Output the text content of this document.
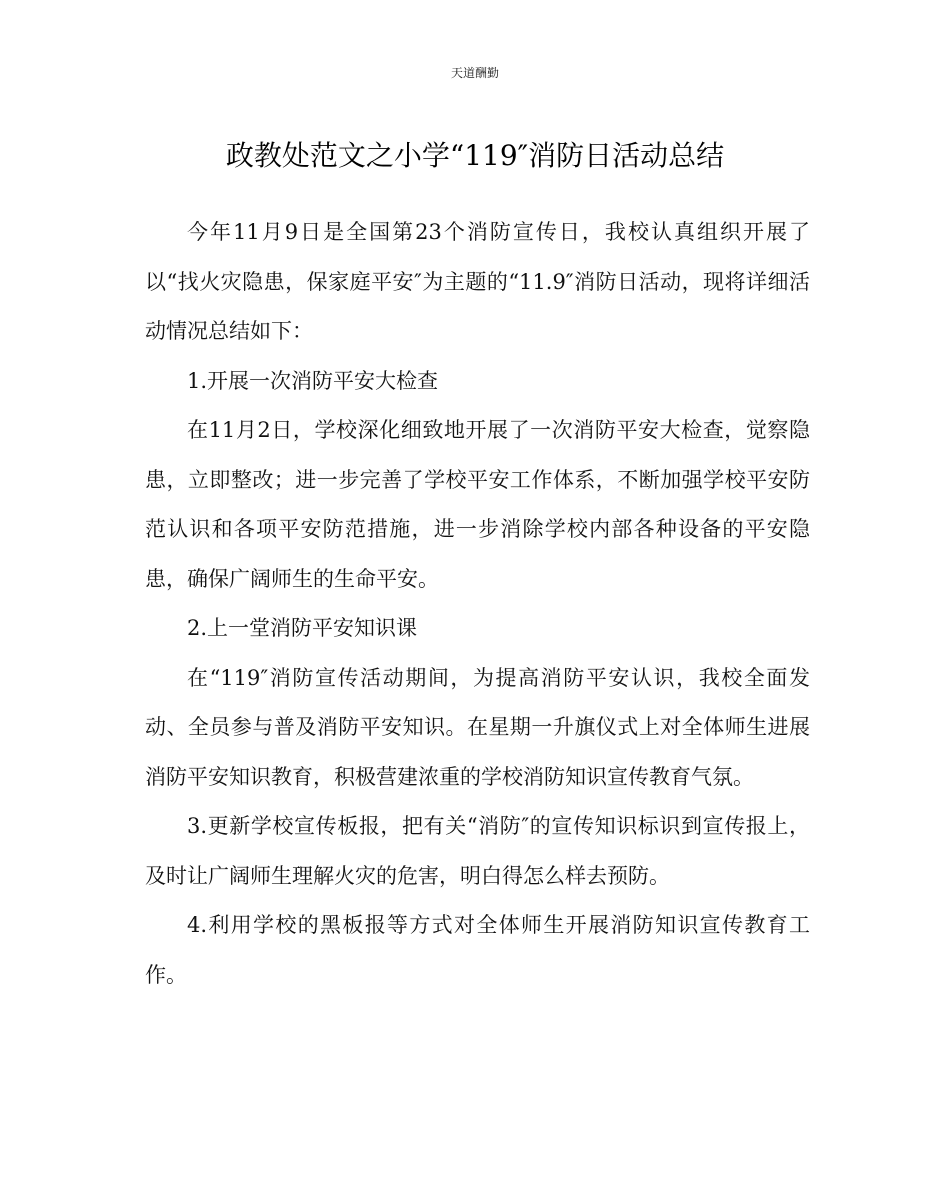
天道酬勤
政教处范文之小学“119″消防日活动总结

今年11月9日是全国第23个消防宣传日，我校认真组织开展了以“找火灾隐患，保家庭平安″为主题的“11.9″消防日活动，现将详细活动情况总结如下：

1.开展一次消防平安大检查

在11月2日，学校深化细致地开展了一次消防平安大检查，觉察隐患，立即整改；进一步完善了学校平安工作体系，不断加强学校平安防范认识和各项平安防范措施，进一步消除学校内部各种设备的平安隐患，确保广阔师生的生命平安。

2.上一堂消防平安知识课

在“119″消防宣传活动期间，为提高消防平安认识，我校全面发动、全员参与普及消防平安知识。在星期一升旗仪式上对全体师生进展消防平安知识教育，积极营建浓重的学校消防知识宣传教育气氛。

3.更新学校宣传板报，把有关“消防″的宣传知识标识到宣传报上，及时让广阔师生理解火灾的危害，明白得怎么样去预防。

4.利用学校的黑板报等方式对全体师生开展消防知识宣传教育工作。
